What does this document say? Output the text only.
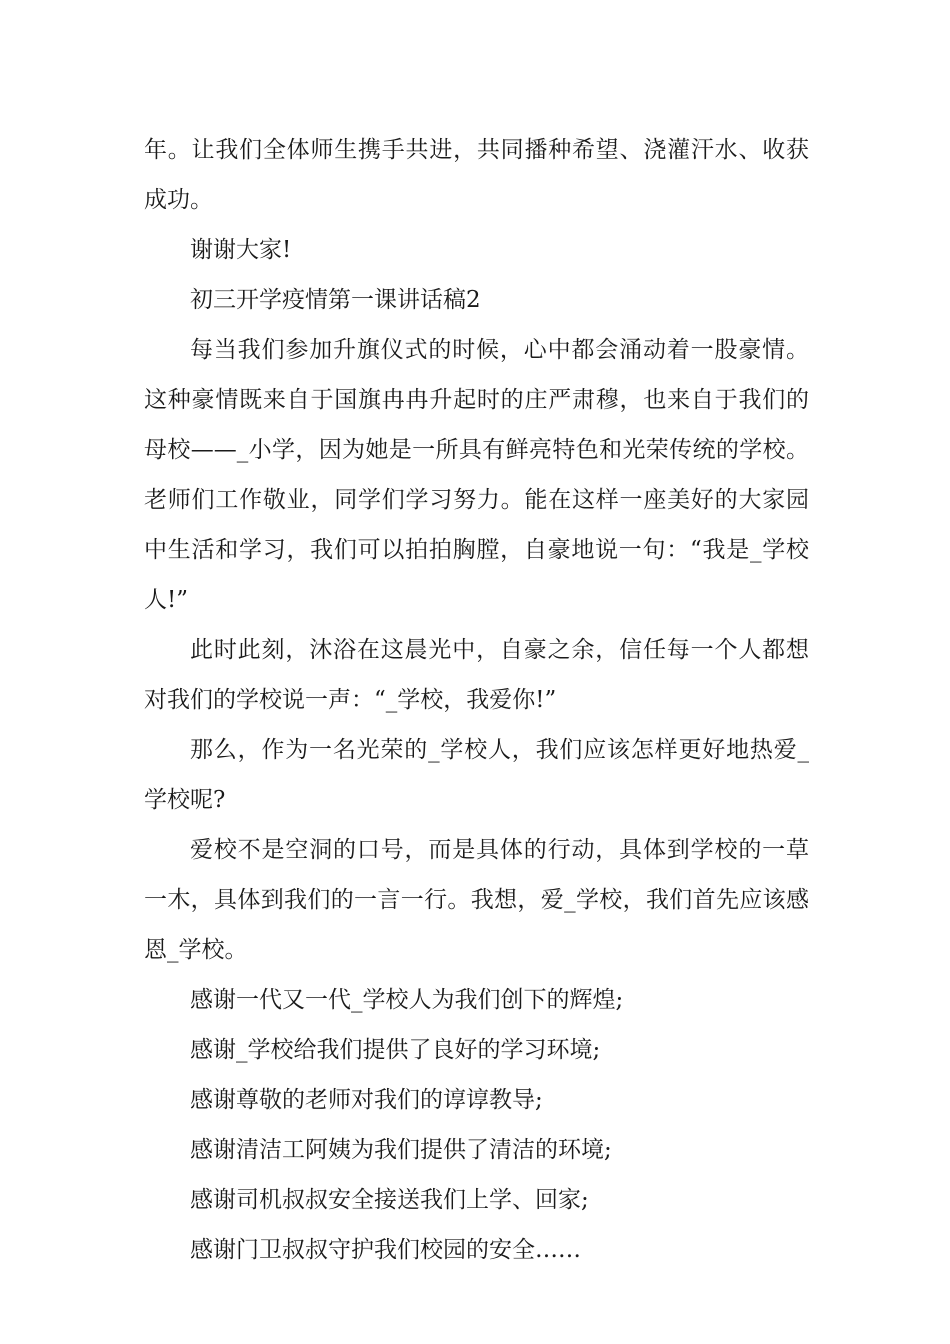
年。让我们全体师生携手共进，共同播种希望、浇灌汗水、收获成功。

谢谢大家!

初三开学疫情第一课讲话稿2

每当我们参加升旗仪式的时候，心中都会涌动着一股豪情。这种豪情既来自于国旗冉冉升起时的庄严肃穆，也来自于我们的母校——_小学，因为她是一所具有鲜亮特色和光荣传统的学校。老师们工作敬业，同学们学习努力。能在这样一座美好的大家园中生活和学习，我们可以拍拍胸膛，自豪地说一句：“我是_学校人!”

此时此刻，沐浴在这晨光中，自豪之余，信任每一个人都想对我们的学校说一声：“_学校，我爱你!”

那么，作为一名光荣的_学校人，我们应该怎样更好地热爱_学校呢?

爱校不是空洞的口号，而是具体的行动，具体到学校的一草一木，具体到我们的一言一行。我想，爱_学校，我们首先应该感恩_学校。

感谢一代又一代_学校人为我们创下的辉煌;

感谢_学校给我们提供了良好的学习环境;

感谢尊敬的老师对我们的谆谆教导;

感谢清洁工阿姨为我们提供了清洁的环境;

感谢司机叔叔安全接送我们上学、回家;

感谢门卫叔叔守护我们校园的安全……
